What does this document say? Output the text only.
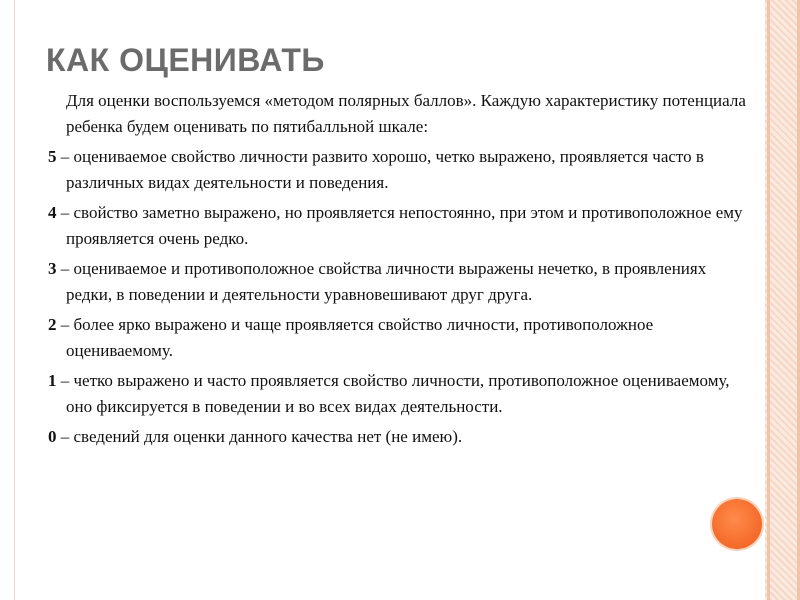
КАК ОЦЕНИВАТЬ

Для оценки воспользуемся «методом полярных баллов». Каждую характеристику потенциала ребенка будем оценивать по пятибалльной шкале:

5 – оцениваемое свойство личности развито хорошо, четко выражено, проявляется часто в различных видах деятельности и поведения.

4 – свойство заметно выражено, но проявляется непостоянно, при этом и противоположное ему проявляется очень редко.

3 – оцениваемое и противоположное свойства личности выражены нечетко, в проявлениях редки, в поведении и деятельности уравновешивают друг друга.

2 – более ярко выражено и чаще проявляется свойство личности, противоположное оцениваемому.

1 – четко выражено и часто проявляется свойство личности, противоположное оцениваемому, оно фиксируется в поведении и во всех видах деятельности.

0 – сведений для оценки данного качества нет (не имею).
